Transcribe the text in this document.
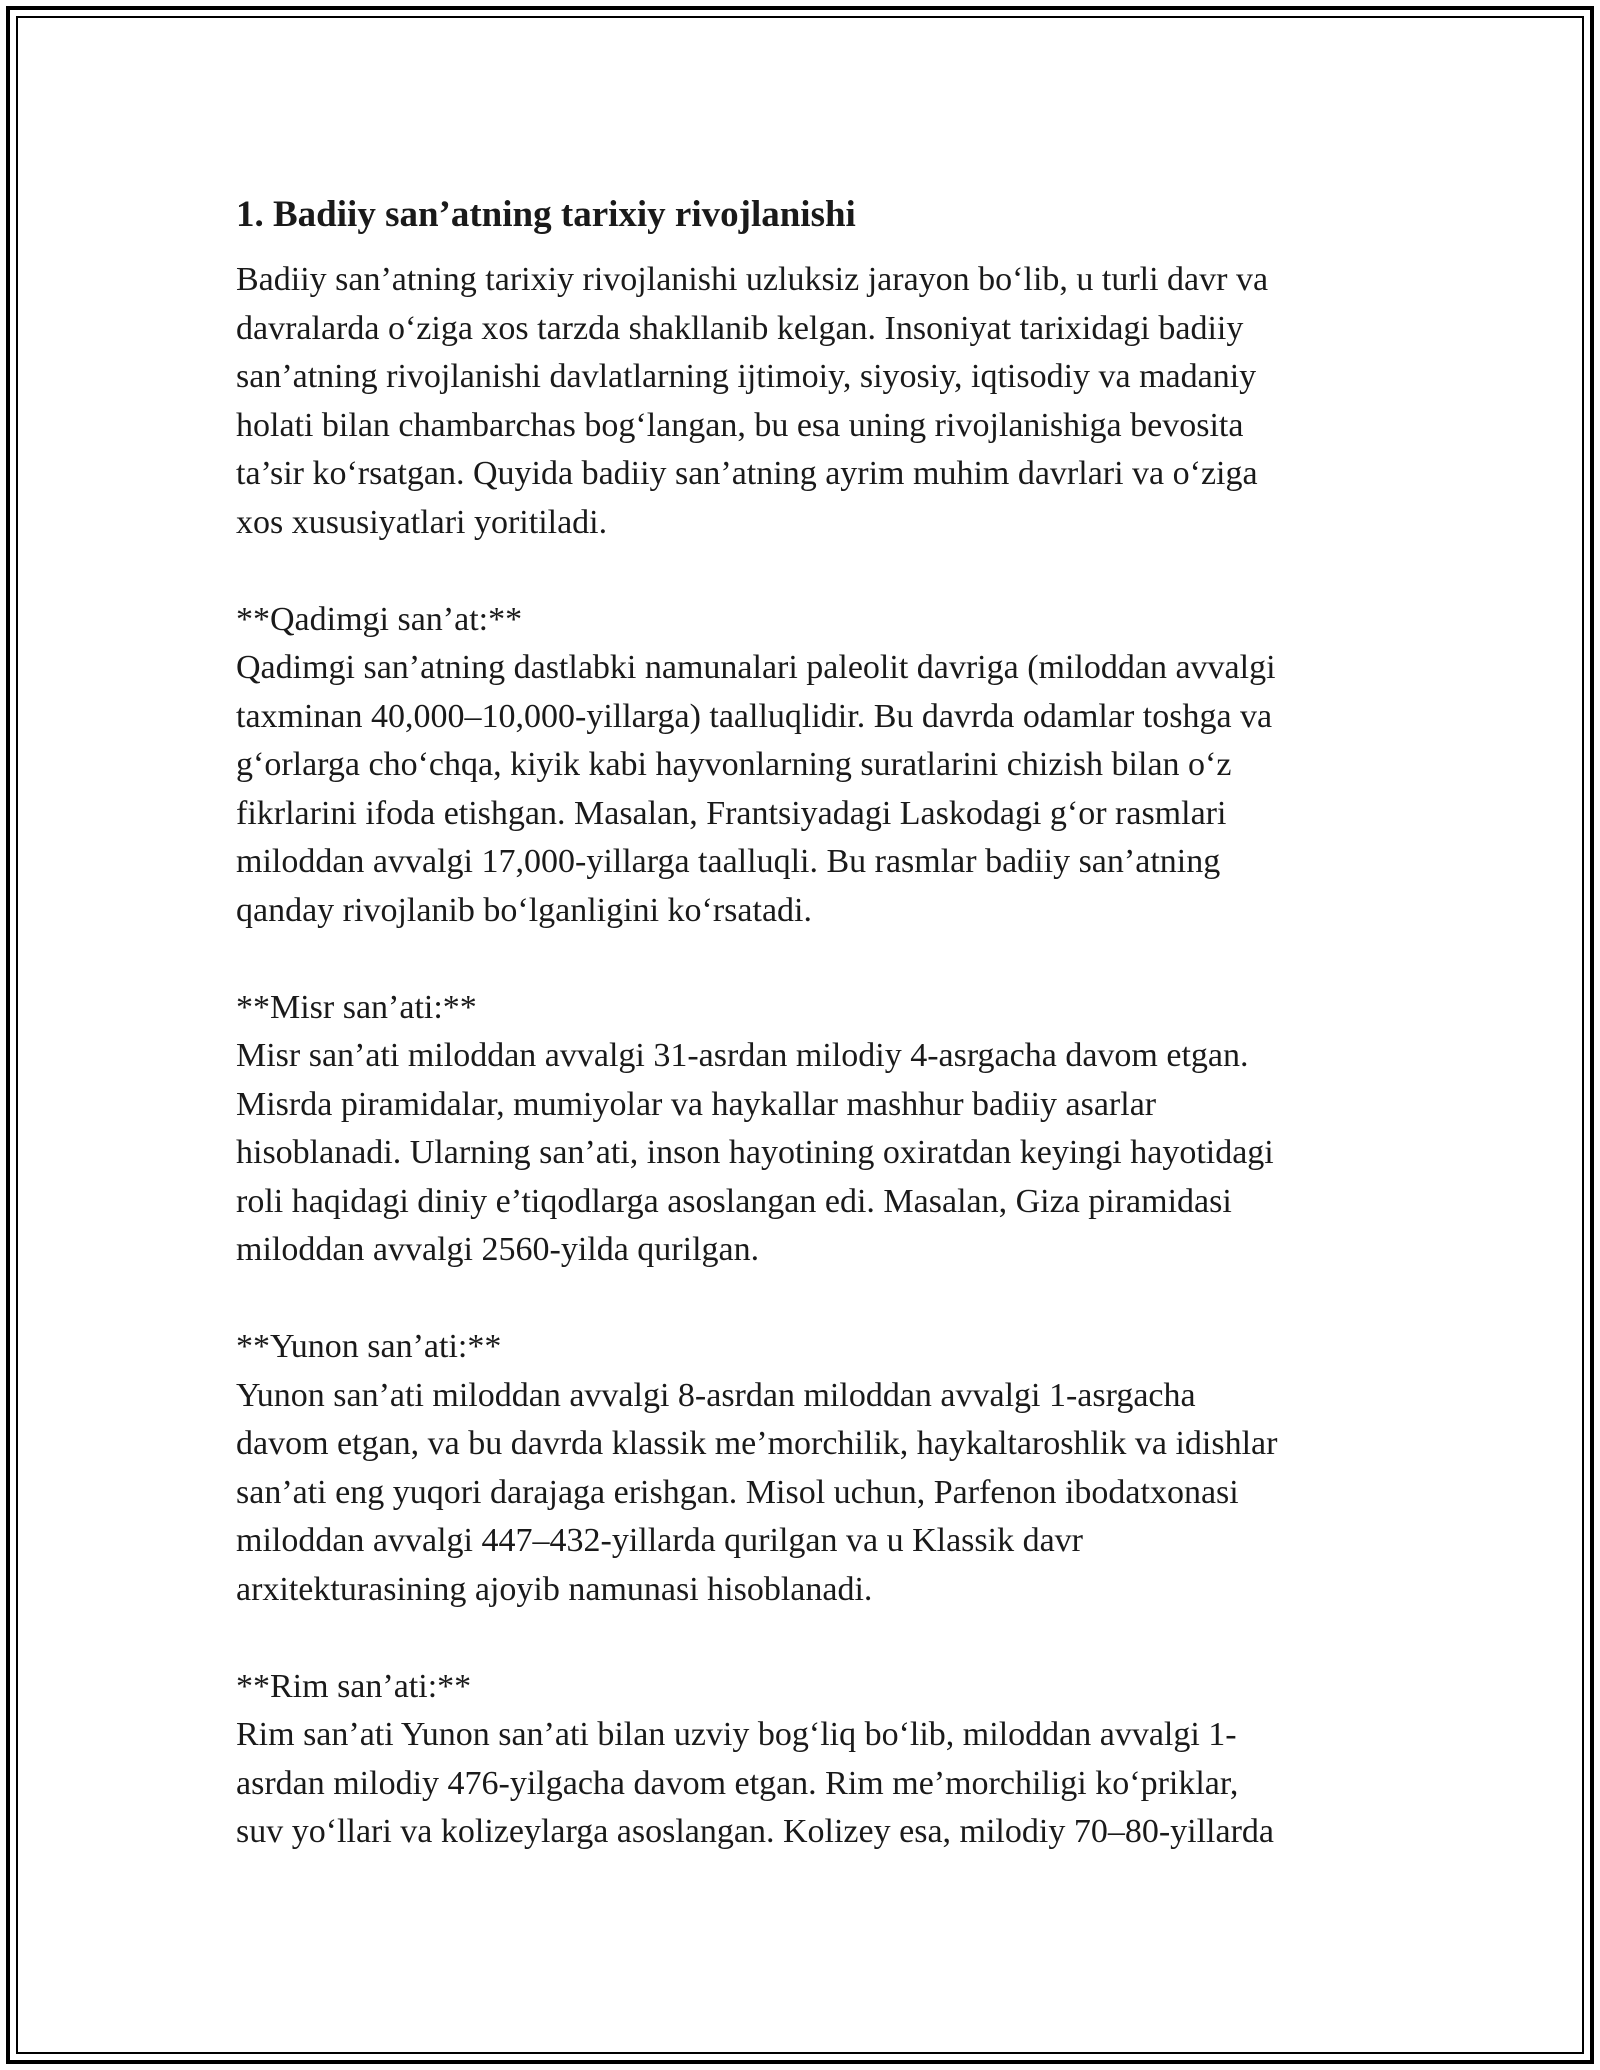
1. Badiiy san’atning tarixiy rivojlanishi
Badiiy san’atning tarixiy rivojlanishi uzluksiz jarayon bo‘lib, u turli davr va
davralarda o‘ziga xos tarzda shakllanib kelgan. Insoniyat tarixidagi badiiy
san’atning rivojlanishi davlatlarning ijtimoiy, siyosiy, iqtisodiy va madaniy
holati bilan chambarchas bog‘langan, bu esa uning rivojlanishiga bevosita
ta’sir ko‘rsatgan. Quyida badiiy san’atning ayrim muhim davrlari va o‘ziga
xos xususiyatlari yoritiladi.
**Qadimgi san’at:**
Qadimgi san’atning dastlabki namunalari paleolit davriga (miloddan avvalgi
taxminan 40,000–10,000-yillarga) taalluqlidir. Bu davrda odamlar toshga va
g‘orlarga cho‘chqa, kiyik kabi hayvonlarning suratlarini chizish bilan o‘z
fikrlarini ifoda etishgan. Masalan, Frantsiyadagi Laskodagi g‘or rasmlari
miloddan avvalgi 17,000-yillarga taalluqli. Bu rasmlar badiiy san’atning
qanday rivojlanib bo‘lganligini ko‘rsatadi.
**Misr san’ati:**
Misr san’ati miloddan avvalgi 31-asrdan milodiy 4-asrgacha davom etgan.
Misrda piramidalar, mumiyolar va haykallar mashhur badiiy asarlar
hisoblanadi. Ularning san’ati, inson hayotining oxiratdan keyingi hayotidagi
roli haqidagi diniy e’tiqodlarga asoslangan edi. Masalan, Giza piramidasi
miloddan avvalgi 2560-yilda qurilgan.
**Yunon san’ati:**
Yunon san’ati miloddan avvalgi 8-asrdan miloddan avvalgi 1-asrgacha
davom etgan, va bu davrda klassik me’morchilik, haykaltaroshlik va idishlar
san’ati eng yuqori darajaga erishgan. Misol uchun, Parfenon ibodatxonasi
miloddan avvalgi 447–432-yillarda qurilgan va u Klassik davr
arxitekturasining ajoyib namunasi hisoblanadi.
**Rim san’ati:**
Rim san’ati Yunon san’ati bilan uzviy bog‘liq bo‘lib, miloddan avvalgi 1-
asrdan milodiy 476-yilgacha davom etgan. Rim me’morchiligi ko‘priklar,
suv yo‘llari va kolizeylarga asoslangan. Kolizey esa, milodiy 70–80-yillarda
